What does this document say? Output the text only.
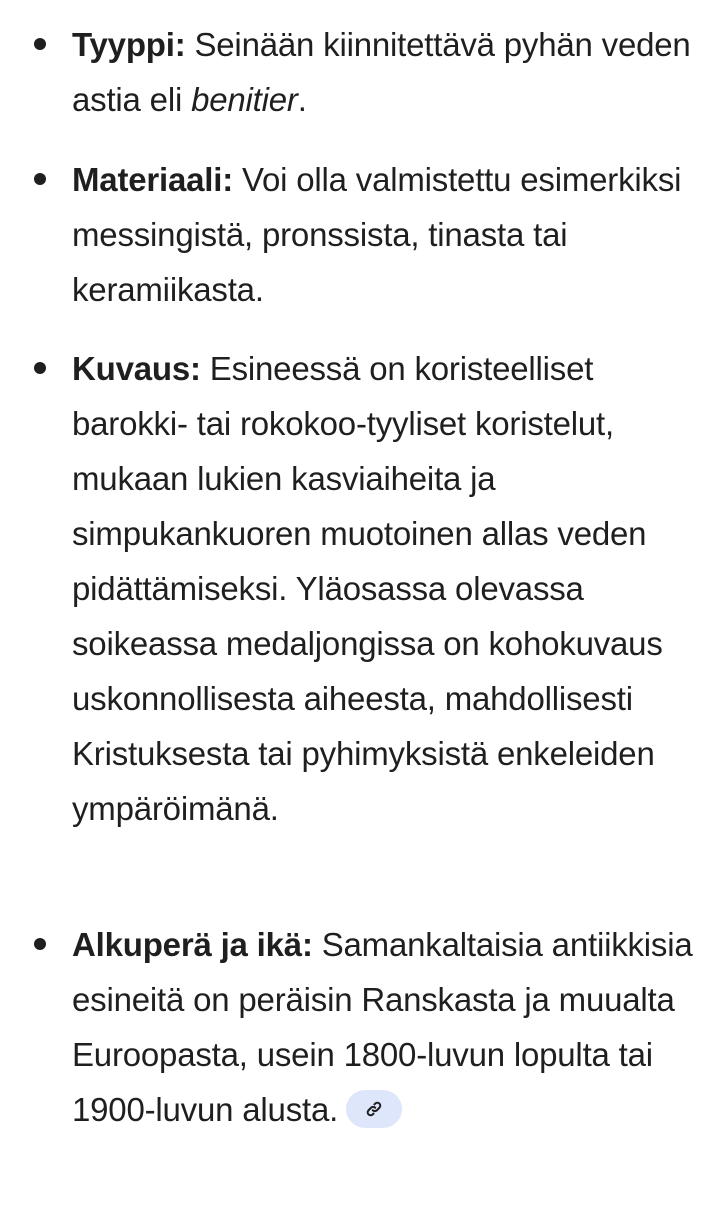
Tyyppi: Seinään kiinnitettävä pyhän veden astia eli benitier.
Materiaali: Voi olla valmistettu esimerkiksi messingistä, pronssista, tinasta tai keramiikasta.
Kuvaus: Esineessä on koristeelliset barokki- tai rokokoo-tyyliset koristelut, mukaan lukien kasviaiheita ja simpukankuoren muotoinen allas veden pidättämiseksi. Yläosassa olevassa soikeassa medaljongissa on kohokuvaus uskonnollisesta aiheesta, mahdollisesti Kristuksesta tai pyhimyksistä enkeleiden ympäröimänä.
Alkuperä ja ikä: Samankaltaisia antiikkisia esineitä on peräisin Ranskasta ja muualta Euroopasta, usein 1800-luvun lopulta tai 1900-luvun alusta.
